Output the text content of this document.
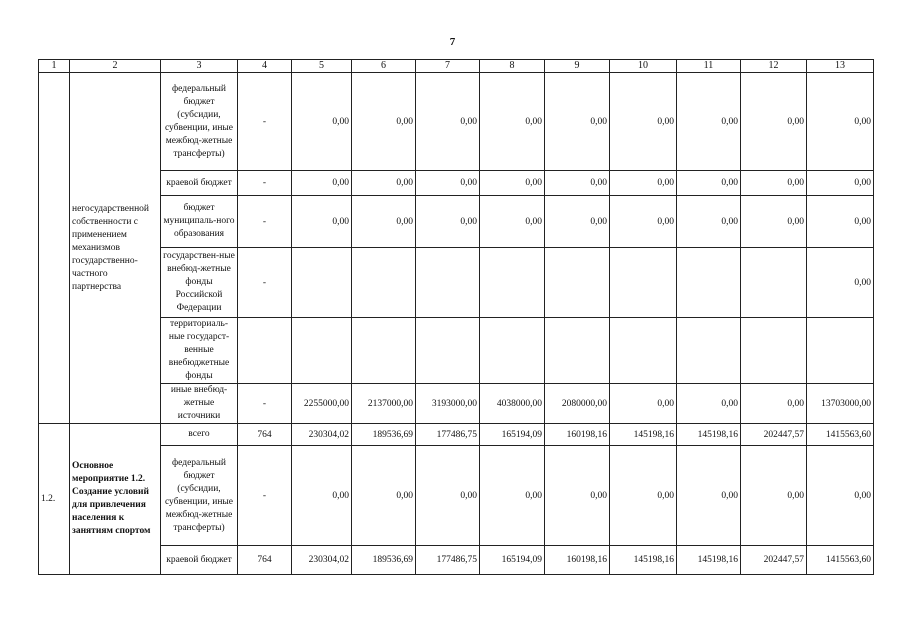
7
1	2	3	4	5	6	7	8	9	10	11	12	13
	негосударственной собственности с применением механизмов государственно-частного партнерства	федеральный бюджет (субсидии, субвенции, иные межбюд-жетные трансферты)	-	0,00	0,00	0,00	0,00	0,00	0,00	0,00	0,00	0,00
		краевой бюджет	-	0,00	0,00	0,00	0,00	0,00	0,00	0,00	0,00	0,00
		бюджет муниципаль-ного образования	-	0,00	0,00	0,00	0,00	0,00	0,00	0,00	0,00	0,00
		государствен-ные внебюд-жетные фонды Российской Федерации	-									0,00
		территориаль-ные государст-венные внебюджетные фонды										
		иные внебюд-жетные источники	-	2255000,00	2137000,00	3193000,00	4038000,00	2080000,00	0,00	0,00	0,00	13703000,00
1.2.	Основное мероприятие 1.2. Создание условий для привлечения населения к занятиям спортом	всего	764	230304,02	189536,69	177486,75	165194,09	160198,16	145198,16	145198,16	202447,57	1415563,60
		федеральный бюджет (субсидии, субвенции, иные межбюд-жетные трансферты)	-	0,00	0,00	0,00	0,00	0,00	0,00	0,00	0,00	0,00
		краевой бюджет	764	230304,02	189536,69	177486,75	165194,09	160198,16	145198,16	145198,16	202447,57	1415563,60
